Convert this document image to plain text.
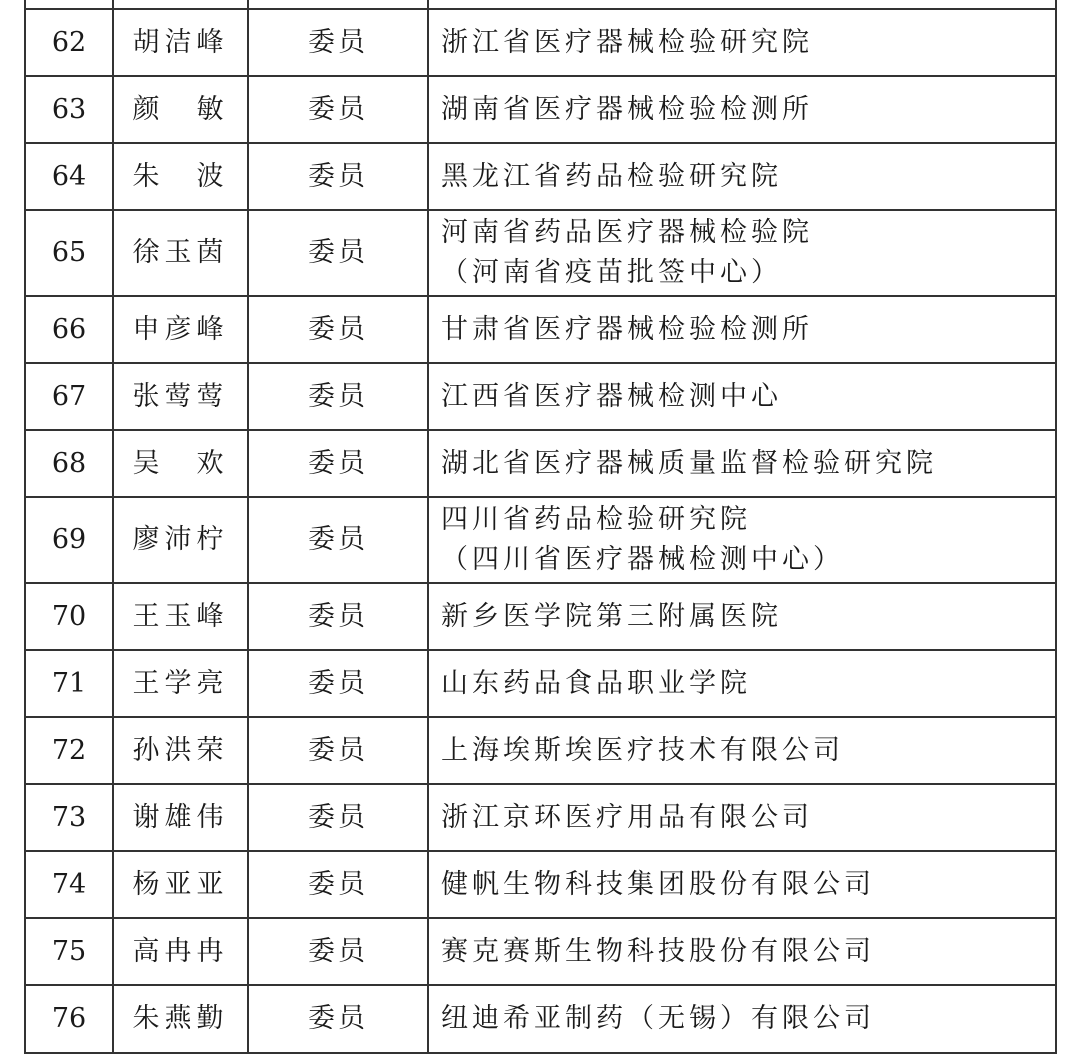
62	胡洁峰	委员	浙江省医疗器械检验研究院
63	颜　敏	委员	湖南省医疗器械检验检测所
64	朱　波	委员	黑龙江省药品检验研究院
65	徐玉茵	委员	河南省药品医疗器械检验院
（河南省疫苗批签中心）

66	申彦峰	委员	甘肃省医疗器械检验检测所
67	张莺莺	委员	江西省医疗器械检测中心
68	吴　欢	委员	湖北省医疗器械质量监督检验研究院
69	廖沛柠	委员	四川省药品检验研究院
（四川省医疗器械检测中心）

70	王玉峰	委员	新乡医学院第三附属医院
71	王学亮	委员	山东药品食品职业学院
72	孙洪荣	委员	上海埃斯埃医疗技术有限公司
73	谢雄伟	委员	浙江京环医疗用品有限公司
74	杨亚亚	委员	健帆生物科技集团股份有限公司
75	高冉冉	委员	赛克赛斯生物科技股份有限公司
76	朱燕勤	委员	纽迪希亚制药（无锡）有限公司
